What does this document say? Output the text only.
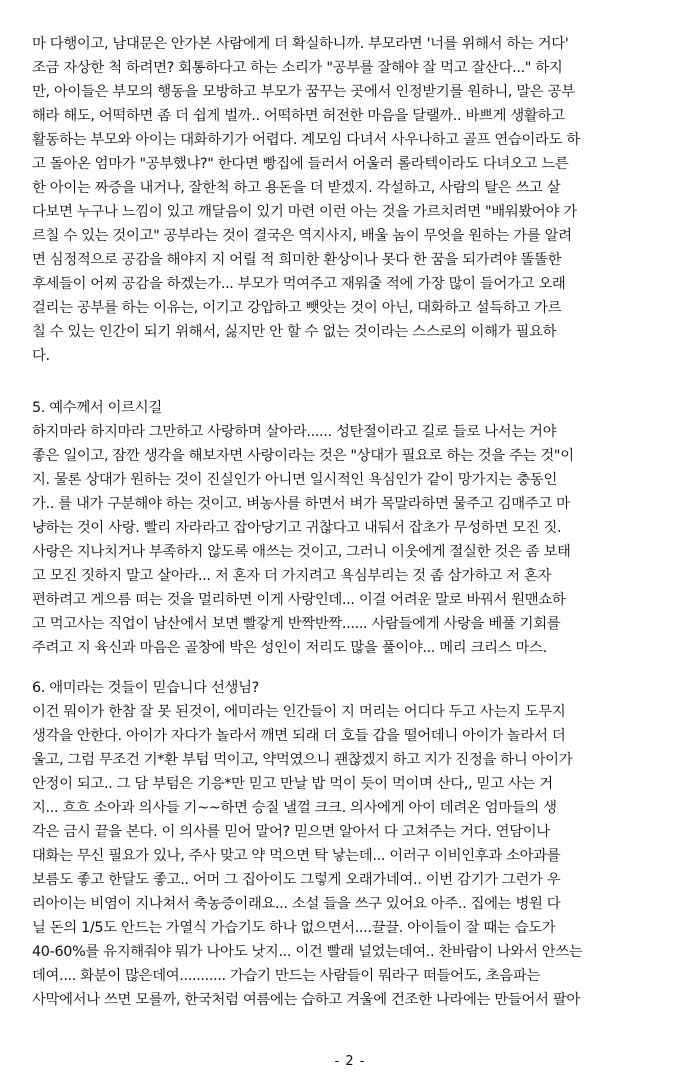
마 다행이고, 남대문은 안가본 사람에게 더 확실하니까. 부모라면 '너를 위해서 하는 거다'
조금 자상한 척 하려면? 회통하다고 하는 소리가 "공부를 잘해야 잘 먹고 잘산다..." 하지
만, 아이들은 부모의 행동을 모방하고 부모가 꿈꾸는 곳에서 인정받기를 원하니, 말은 공부
해라 해도, 어떡하면 좀 더 쉽게 벌까.. 어떡하면 허전한 마음을 달랠까.. 바쁘게 생활하고
활동하는 부모와 아이는 대화하기가 어렵다. 계모임 다녀서 사우나하고 골프 연습이라도 하
고 돌아온 엄마가 "공부했냐?" 한다면 빵집에 들러서 어울러 롤라텍이라도 다녀오고 느른
한 아이는 짜증을 내거나, 잘한척 하고 용돈을 더 받겠지. 각설하고, 사람의 탈은 쓰고 살
다보면 누구나 느낌이 있고 깨달음이 있기 마련 이런 아는 것을 가르치려면 "배워봤어야 가
르칠 수 있는 것이고" 공부라는 것이 결국은 역지사지, 배울 놈이 무엇을 원하는 가를 알려
면 심정적으로 공감을 해야지 지 어릴 적 희미한 환상이나 못다 한 꿈을 되가려야 똘똘한
후세들이 어찌 공감을 하겠는가... 부모가 먹여주고 재워줄 적에 가장 많이 들어가고 오래
걸리는 공부를 하는 이유는, 이기고 강압하고 뺏앗는 것이 아닌, 대화하고 설득하고 가르
칠 수 있는 인간이 되기 위해서, 싫지만 안 할 수 없는 것이라는 스스로의 이해가 필요하
다.
5. 예수께서 이르시길
하지마라 하지마라 그만하고 사랑하며 살아라...... 성탄절이라고 길로 들로 나서는 거야
좋은 일이고, 잠깐 생각을 해보자면 사랑이라는 것은 "상대가 필요로 하는 것을 주는 것"이
지. 물론 상대가 원하는 것이 진실인가 아니면 일시적인 욕심인가 같이 망가지는 충동인
가.. 를 내가 구분해야 하는 것이고. 벼농사를 하면서 벼가 목말라하면 물주고 김매주고 마
냥하는 것이 사랑. 빨리 자라라고 잡아당기고 귀찮다고 내둬서 잡초가 무성하면 모진 짓.
사랑은 지나치거나 부족하지 않도록 애쓰는 것이고, 그러니 이웃에게 절실한 것은 좀 보태
고 모진 짓하지 말고 살아라... 저 혼자 더 가지려고 욕심부리는 것 좀 삼가하고 저 혼자
편하려고 게으름 떠는 것을 멀리하면 이게 사랑인데... 이걸 어려운 말로 바꿔서 원맨쇼하
고 먹고사는 직업이 남산에서 보면 빨갛게 반짝반짝...... 사람들에게 사랑을 베풀 기회를
주려고 지 육신과 마음은 골창에 박은 성인이 저리도 많을 풀이야... 메리 크리스 마스.
6. 애미라는 것들이 믿습니다 선생님?
이건 뭐이가 한참 잘 못 된것이, 에미라는 인간들이 지 머리는 어디다 두고 사는지 도무지
생각을 안한다. 아이가 자다가 놀라서 깨면 되래 더 호들 갑을 떨어데니 아이가 놀라서 더
울고, 그럼 무조건 기*환 부텀 먹이고, 약먹였으니 괜찮겠지 하고 지가 진정을 하니 아이가
안정이 되고.. 그 담 부텀은 기응*만 믿고 만날 밥 먹이 듯이 먹이며 산다,, 믿고 사는 거
지... 흐흐 소아과 의사들 기~~하면 승질 낼껄 크크. 의사에게 아이 데려온 엄마들의 생
각은 금시 끝을 본다. 이 의사를 믿어 말어? 믿으면 알아서 다 고쳐주는 거다. 연담이나
대화는 무신 필요가 있나, 주사 맞고 약 먹으면 탁 낳는데... 이러구 이비인후과 소아과를
보름도 좋고 한달도 좋고.. 어머 그 집아이도 그렇게 오래가네여.. 이번 감기가 그런가 우
리아이는 비염이 지나쳐서 축농증이래요... 소설 들을 쓰구 있어요 아주.. 집에는 병원 다
닐 돈의 1/5도 안드는 가열식 가습기도 하나 없으면서....끌끌. 아이들이 잘 때는 습도가
40-60%를 유지해줘야 뭐가 나아도 낫지... 이건 빨래 널었는데여.. 찬바람이 나와서 안쓰는
데여.... 화분이 많은데여........... 가습기 만드는 사람들이 뭐라구 떠들어도, 초음파는
사막에서나 쓰면 모를까, 한국처럼 여름에는 습하고 겨울에 건조한 나라에는 만들어서 팔아
- 2 -
